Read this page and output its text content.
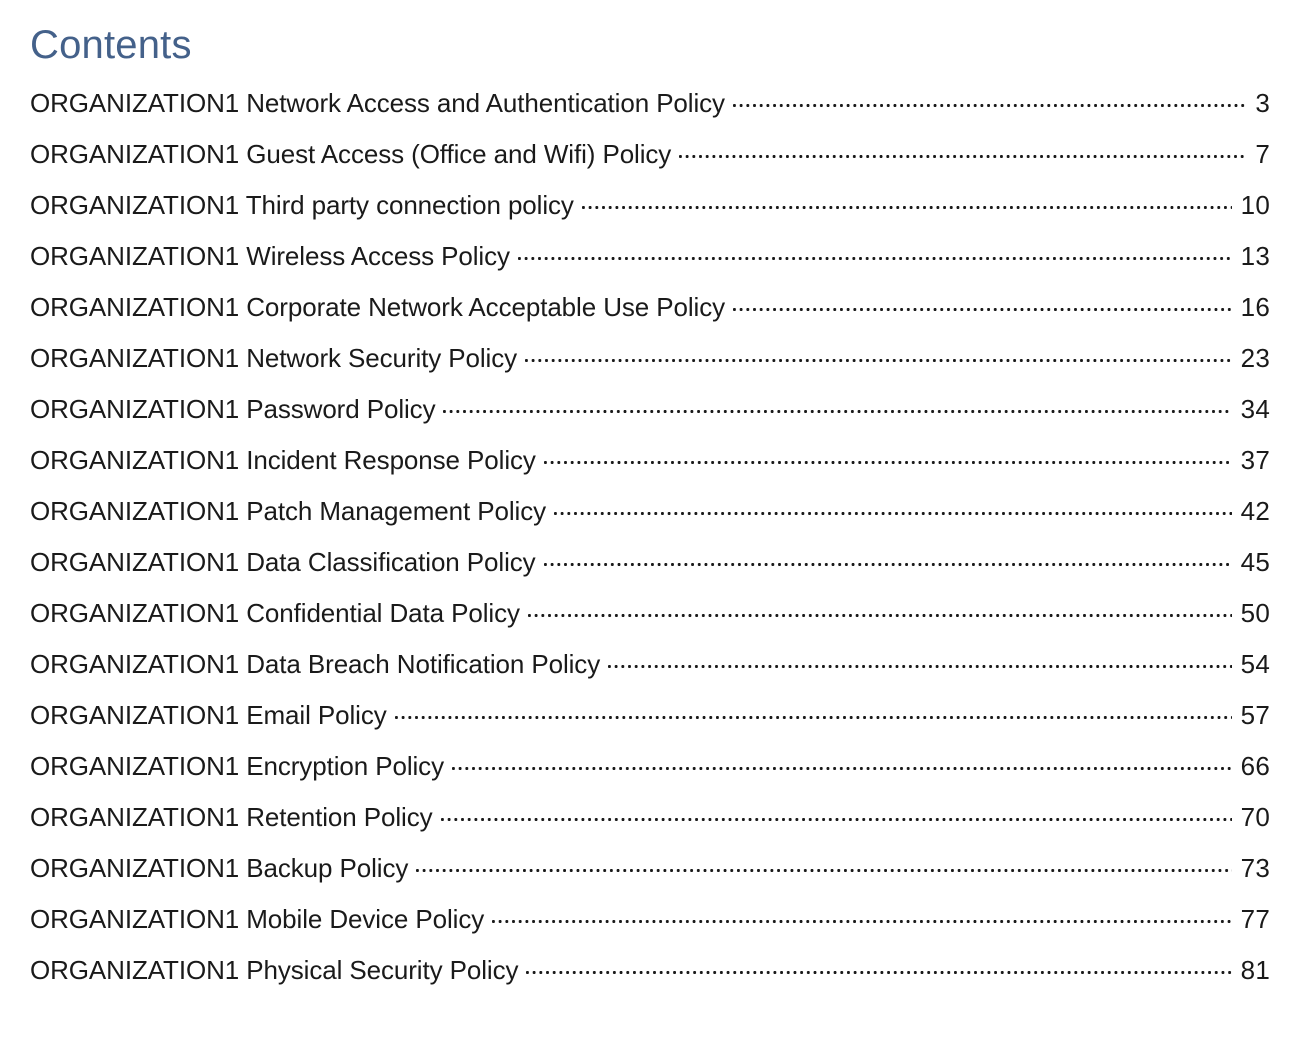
Contents
ORGANIZATION1 Network Access and Authentication Policy	3
ORGANIZATION1 Guest Access (Office and Wifi) Policy	7
ORGANIZATION1 Third party connection policy	10
ORGANIZATION1 Wireless Access Policy	13
ORGANIZATION1 Corporate Network Acceptable Use Policy	16
ORGANIZATION1 Network Security Policy	23
ORGANIZATION1 Password Policy	34
ORGANIZATION1 Incident Response Policy	37
ORGANIZATION1 Patch Management Policy	42
ORGANIZATION1 Data Classification Policy	45
ORGANIZATION1 Confidential Data Policy	50
ORGANIZATION1 Data Breach Notification Policy	54
ORGANIZATION1 Email Policy	57
ORGANIZATION1 Encryption Policy	66
ORGANIZATION1 Retention Policy	70
ORGANIZATION1 Backup Policy	73
ORGANIZATION1 Mobile Device Policy	77
ORGANIZATION1 Physical Security Policy	81
